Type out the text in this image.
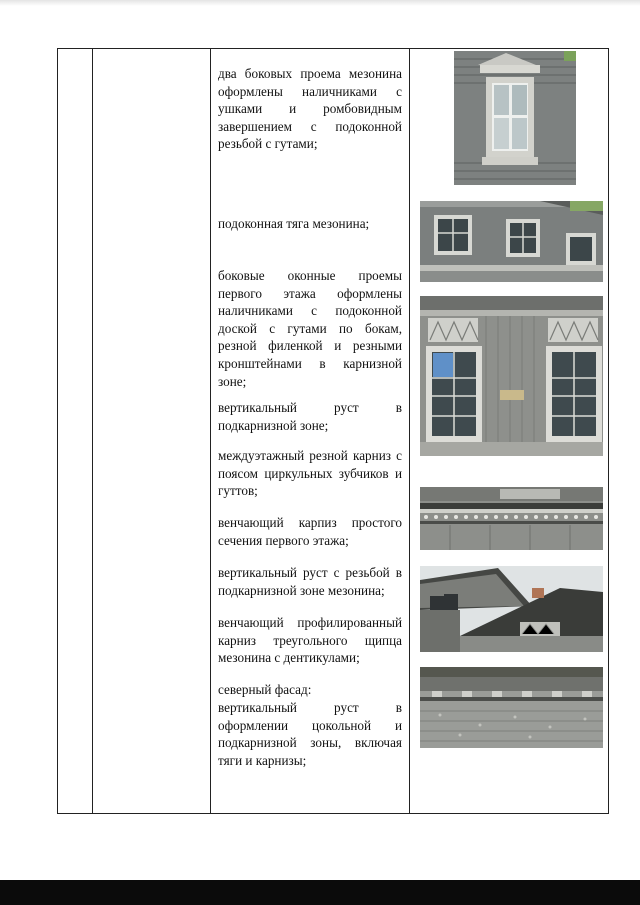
два боковых проема мезонина оформлены наличниками с ушками и ромбовидным завершением с подоконной резьбой с гутами;

подоконная тяга мезонина;

боковые оконные проемы первого этажа оформлены наличниками с подоконной доской с гутами по бокам, резной филенкой и резными кронштейнами в карнизной зоне;

вертикальный руст в подкарнизной зоне;

междуэтажный резной карниз с поясом циркульных зубчиков и гуттов;

венчающий карпиз простого сечения первого этажа;

вертикальный руст с резьбой в подкарнизной зоне мезонина;

венчающий профилированный карниз треугольного щипца мезонина с дентикулами;

северный фасад:

вертикальный руст в оформлении цокольной и подкарнизной зоны, включая тяги и карнизы;
